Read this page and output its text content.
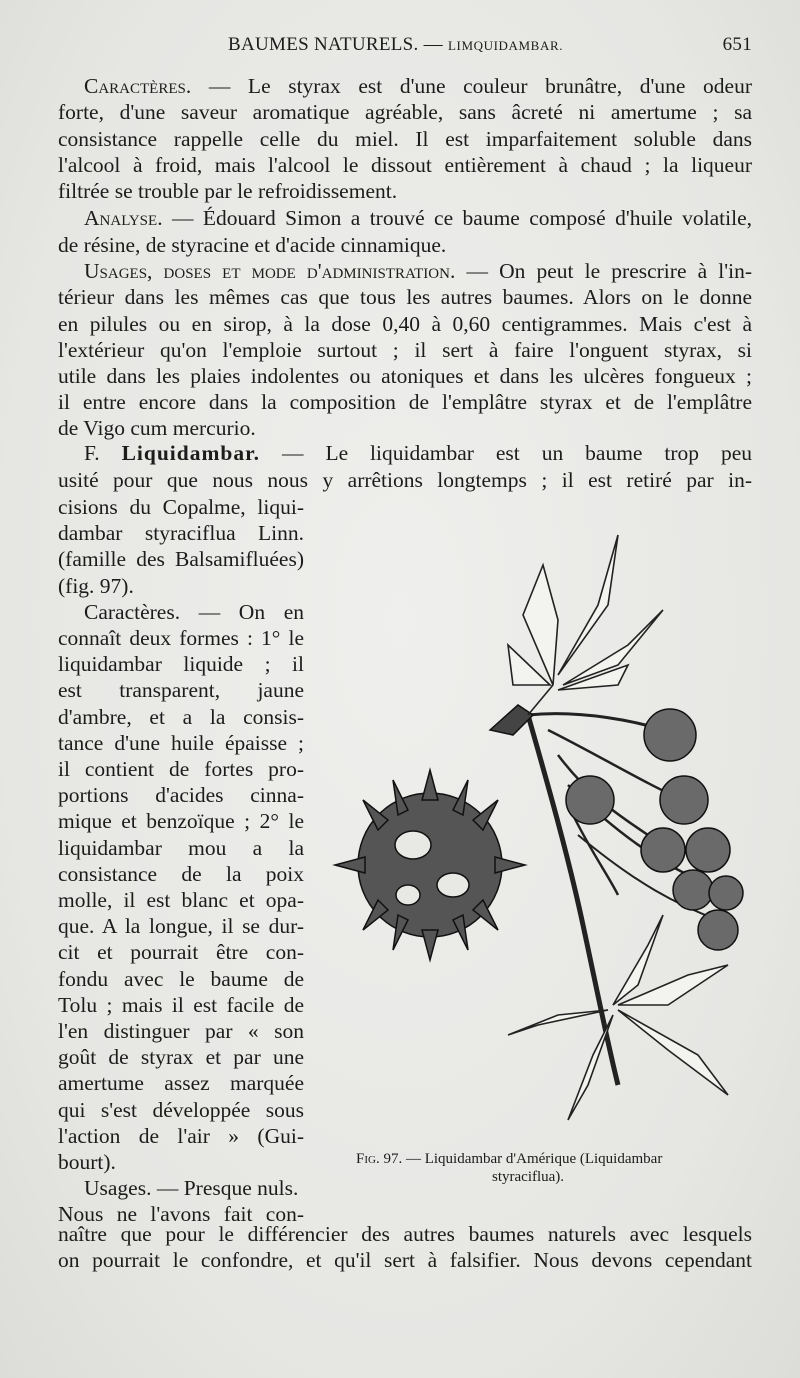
BAUMES NATURELS. — LIMQUIDAMBAR.	651
Caractères. — Le styrax est d'une couleur brunâtre, d'une odeur
forte, d'une saveur aromatique agréable, sans âcreté ni amertume ; sa
consistance rappelle celle du miel. Il est imparfaitement soluble dans
l'alcool à froid, mais l'alcool le dissout entièrement à chaud ; la liqueur
filtrée se trouble par le refroidissement.
Analyse. — Édouard Simon a trouvé ce baume composé d'huile volatile,
de résine, de styracine et d'acide cinnamique.
Usages, doses et mode d'administration. — On peut le prescrire à l'in-
térieur dans les mêmes cas que tous les autres baumes. Alors on le donne
en pilules ou en sirop, à la dose 0,40 à 0,60 centigrammes. Mais c'est à
l'extérieur qu'on l'emploie surtout ; il sert à faire l'onguent styrax, si
utile dans les plaies indolentes ou atoniques et dans les ulcères fongueux ;
il entre encore dans la composition de l'emplâtre styrax et de l'emplâtre
de Vigo cum mercurio.
F. Liquidambar. — Le liquidambar est un baume trop peu
usité pour que nous nous y arrêtions longtemps ; il est retiré par in-
cisions du Copalme, liqui-
dambar styraciflua Linn.
(famille des Balsamifluées)
(fig. 97).
Caractères. — On en
connaît deux formes : 1° le
liquidambar liquide ; il
est transparent, jaune
d'ambre, et a la consis-
tance d'une huile épaisse ;
il contient de fortes pro-
portions d'acides cinna-
mique et benzoïque ; 2° le
liquidambar mou a la
consistance de la poix
molle, il est blanc et opa-
que. A la longue, il se dur-
cit et pourrait être con-
fondu avec le baume de
Tolu ; mais il est facile de
l'en distinguer par « son
goût de styrax et par une
amertume assez marquée
qui s'est développée sous
l'action de l'air » (Gui-
bourt).
Usages. — Presque nuls.
Nous ne l'avons fait con-
naître que pour le différencier des autres baumes naturels avec lesquels
on pourrait le confondre, et qu'il sert à falsifier. Nous devons cependant
Fig. 97. — Liquidambar d'Amérique (Liquidambar
styraciflua).
